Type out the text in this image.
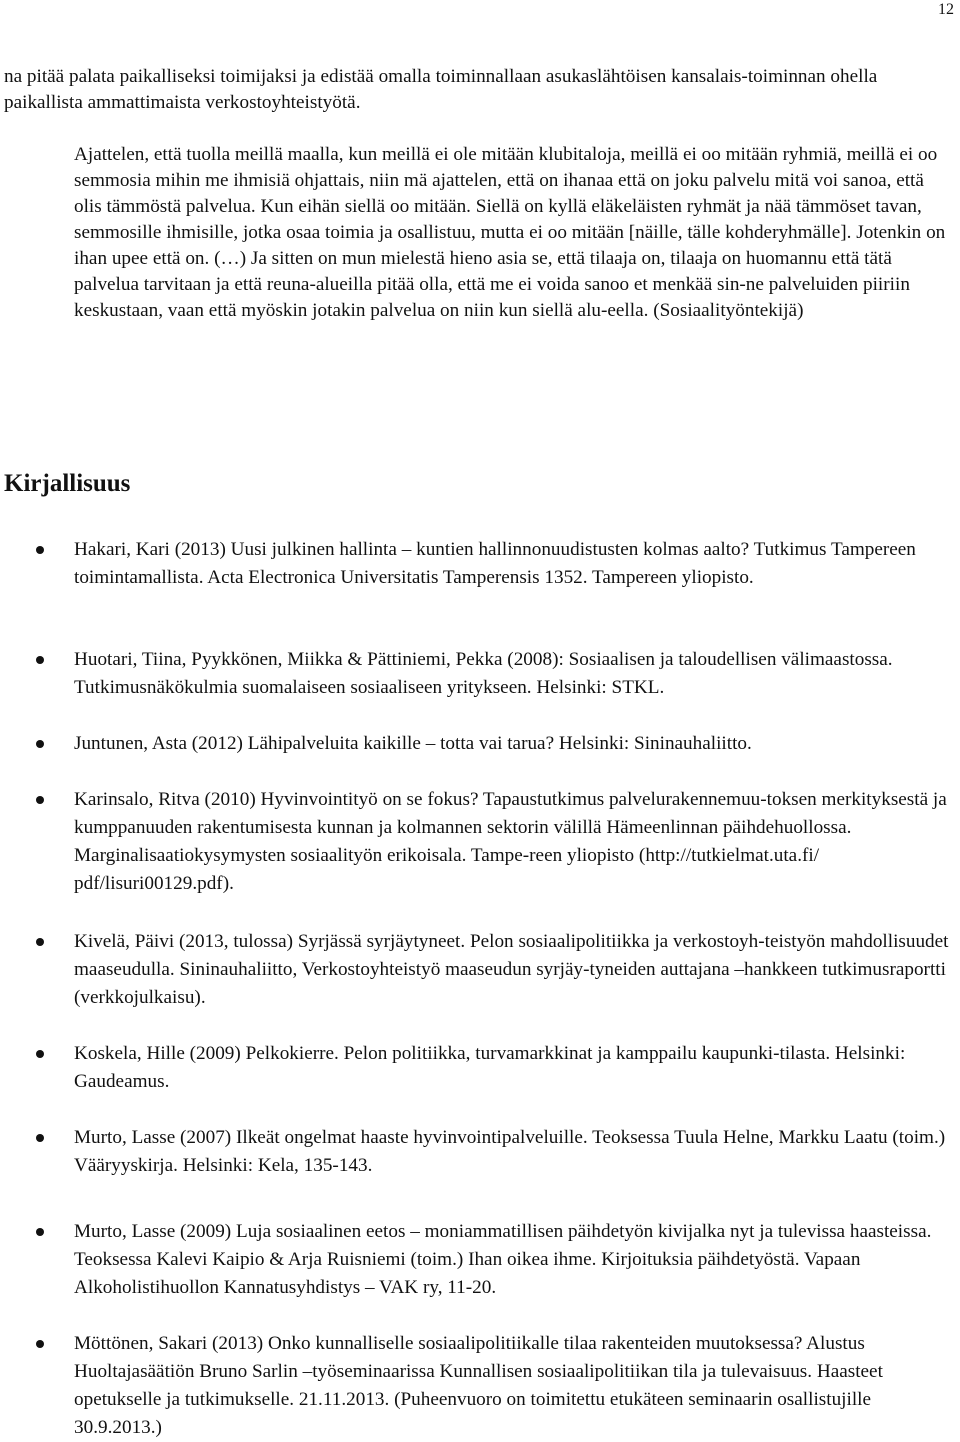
12

na pitää palata paikalliseksi toimijaksi ja edistää omalla toiminnallaan asukaslähtöisen kansalais-toiminnan ohella paikallista ammattimaista verkostoyhteistyötä.

Ajattelen, että tuolla meillä maalla, kun meillä ei ole mitään klubitaloja, meillä ei oo mitään ryhmiä, meillä ei oo semmosia mihin me ihmisiä ohjattais, niin mä ajattelen, että on ihanaa että on joku palvelu mitä voi sanoa, että olis tämmöstä palvelua. Kun eihän siellä oo mitään. Siellä on kyllä eläkeläisten ryhmät ja nää tämmöset tavan, semmosille ihmisille, jotka osaa toimia ja osallistuu, mutta ei oo mitään [näille, tälle kohderyhmälle]. Jotenkin on ihan upee että on. (…) Ja sitten on mun mielestä hieno asia se, että tilaaja on, tilaaja on huomannu että tätä palvelua tarvitaan ja että reuna-alueilla pitää olla, että me ei voida sanoo et menkää sin-ne palveluiden piiriin keskustaan, vaan että myöskin jotakin palvelua on niin kun siellä alu-eella. (Sosiaalityöntekijä)

Kirjallisuus
Hakari, Kari (2013) Uusi julkinen hallinta – kuntien hallinnonuudistusten kolmas aalto? Tutkimus Tampereen toimintamallista. Acta Electronica Universitatis Tamperensis 1352. Tampereen yliopisto.
Huotari, Tiina, Pyykkönen, Miikka & Pättiniemi, Pekka (2008): Sosiaalisen ja taloudellisen välimaastossa. Tutkimusnäkökulmia suomalaiseen sosiaaliseen yritykseen. Helsinki: STKL.
Juntunen, Asta (2012) Lähipalveluita kaikille – totta vai tarua? Helsinki: Sininauhaliitto.
Karinsalo, Ritva (2010) Hyvinvointityö on se fokus? Tapaustutkimus palvelurakennemuu-toksen merkityksestä ja kumppanuuden rakentumisesta kunnan ja kolmannen sektorin välillä Hämeenlinnan päihdehuollossa. Marginalisaatiokysymysten sosiaalityön erikoisala. Tampe-reen yliopisto (http://tutkielmat.uta.fi/ pdf/lisuri00129.pdf).
Kivelä, Päivi (2013, tulossa) Syrjässä syrjäytyneet. Pelon sosiaalipolitiikka ja verkostoyh-teistyön mahdollisuudet maaseudulla. Sininauhaliitto, Verkostoyhteistyö maaseudun syrjäy-tyneiden auttajana –hankkeen tutkimusraportti (verkkojulkaisu).
Koskela, Hille (2009) Pelkokierre. Pelon politiikka, turvamarkkinat ja kamppailu kaupunki-tilasta. Helsinki: Gaudeamus.
Murto, Lasse (2007) Ilkeät ongelmat haaste hyvinvointipalveluille. Teoksessa Tuula Helne, Markku Laatu (toim.) Vääryyskirja. Helsinki: Kela, 135-143.
Murto, Lasse (2009) Luja sosiaalinen eetos – moniammatillisen päihdetyön kivijalka nyt ja tulevissa haasteissa. Teoksessa Kalevi Kaipio & Arja Ruisniemi (toim.) Ihan oikea ihme. Kirjoituksia päihdetyöstä. Vapaan Alkoholistihuollon Kannatusyhdistys – VAK ry, 11-20.
Möttönen, Sakari (2013) Onko kunnalliselle sosiaalipolitiikalle tilaa rakenteiden muutoksessa? Alustus Huoltajasäätiön Bruno Sarlin –työseminaarissa Kunnallisen sosiaalipolitiikan tila ja tulevaisuus. Haasteet opetukselle ja tutkimukselle. 21.11.2013. (Puheenvuoro on toimitettu etukäteen seminaarin osallistujille 30.9.2013.)
